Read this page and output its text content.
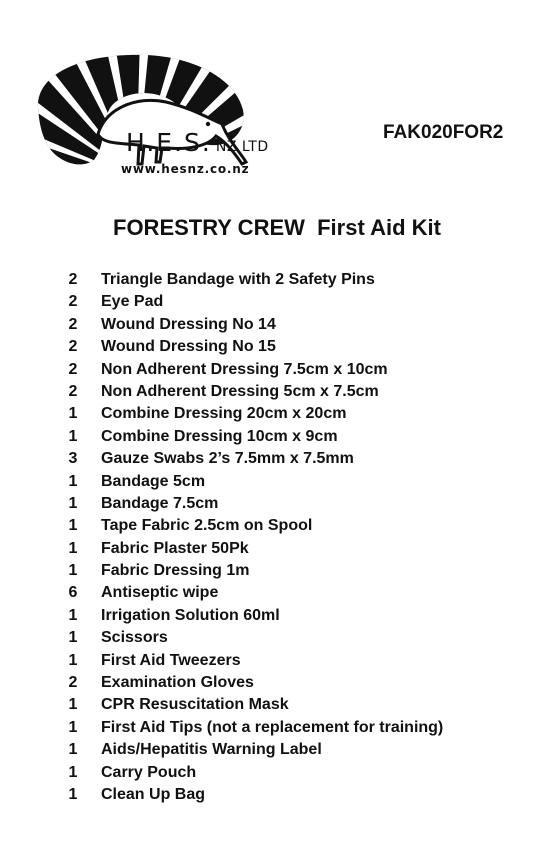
H.E.S. NZ LTD
www.hesnz.co.nz
FAK020FOR2
FORESTRY CREW  First Aid Kit
2 Triangle Bandage with 2 Safety Pins
2 Eye Pad
2 Wound Dressing No 14
2 Wound Dressing No 15
2 Non Adherent Dressing 7.5cm x 10cm
2 Non Adherent Dressing 5cm x 7.5cm
1 Combine Dressing 20cm x 20cm
1 Combine Dressing 10cm x 9cm
3 Gauze Swabs 2’s 7.5mm x 7.5mm
1 Bandage 5cm
1 Bandage 7.5cm
1 Tape Fabric 2.5cm on Spool
1 Fabric Plaster 50Pk
1 Fabric Dressing 1m
6 Antiseptic wipe
1 Irrigation Solution 60ml
1 Scissors
1 First Aid Tweezers
2 Examination Gloves
1 CPR Resuscitation Mask
1 First Aid Tips (not a replacement for training)
1 Aids/Hepatitis Warning Label
1 Carry Pouch
1 Clean Up Bag
